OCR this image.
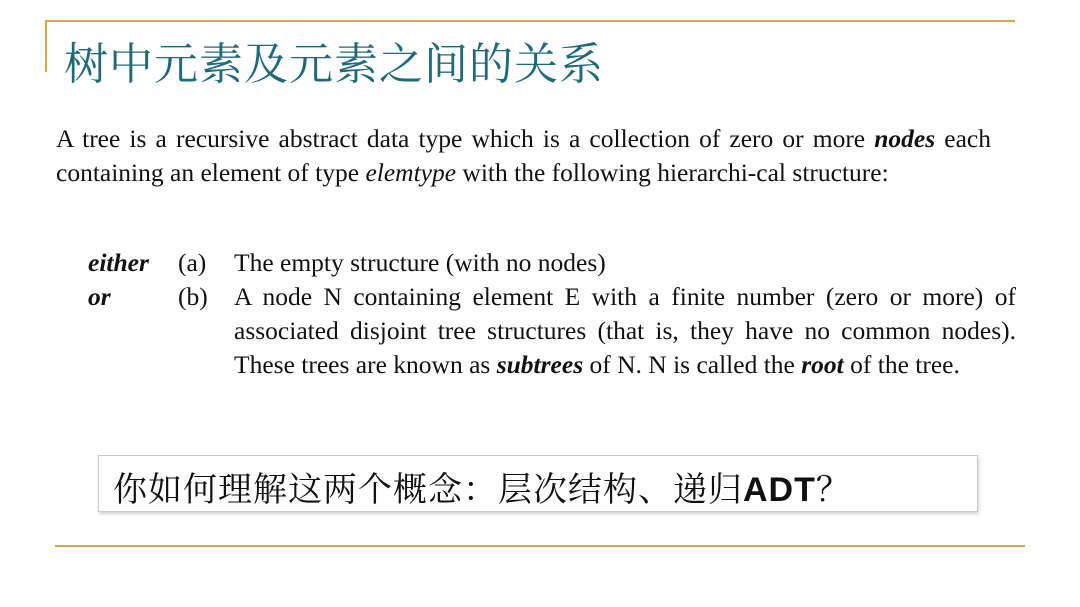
树中元素及元素之间的关系

A tree is a recursive abstract data type which is a collection of zero or more nodes each containing an element of type elemtype with the following hierarchi-cal structure:

either	(a)	The empty structure (with no nodes)
or	(b)	A node N containing element E with a finite number (zero or more) of associated disjoint tree structures (that is, they have no common nodes). These trees are known as subtrees of N. N is called the root of the tree.
你如何理解这两个概念：层次结构、递归ADT？
